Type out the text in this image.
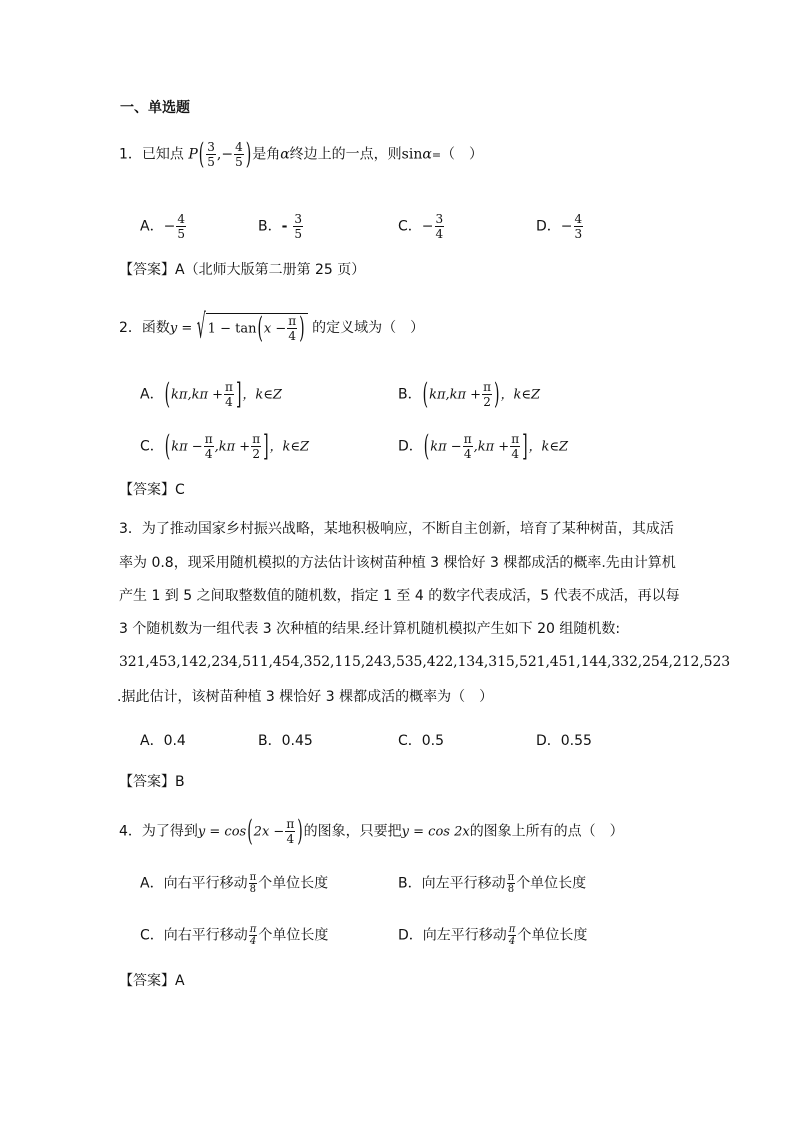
一、单选题
1．已知点 $P( \frac{3}{5}$ ,− $\frac{4}{5}$ )是角α终边上的一点，则sinα=（　）
A．− $\frac{4}{5}$	B．- $\frac{3}{5}$	C．− $\frac{3}{4}$	D．− $\frac{4}{3}$
【答案】A（北师大版第二册第 25 页）
2．函数y = √ $1 - \tan(x - \frac{\pi}{4}$ ) 的定义域为（　）
A．($k\pi,k\pi + \frac{\pi}{4}$ ]，k∈Z	B．($k\pi,k\pi + \frac{\pi}{2}$ )，k∈Z
C．($k\pi - \frac{\pi}{4} ,k\pi + \frac{\pi}{2}$ ]，k∈Z	D．($k\pi - \frac{\pi}{4} ,k\pi + \frac{\pi}{4}$ ]，k∈Z
【答案】C
3．为了推动国家乡村振兴战略，某地积极响应，不断自主创新，培育了某种树苗，其成活
率为 0.8，现采用随机模拟的方法估计该树苗种植 3 棵恰好 3 棵都成活的概率.先由计算机
产生 1 到 5 之间取整数值的随机数，指定 1 至 4 的数字代表成活，5 代表不成活，再以每
3 个随机数为一组代表 3 次种植的结果.经计算机随机模拟产生如下 20 组随机数:
321,453,142,234,511,454,352,115,243,535,422,134,315,521,451,144,332,254,212,523
.据此估计，该树苗种植 3 棵恰好 3 棵都成活的概率为（　）
A．0.4	B．0.45	C．0.5	D．0.55
【答案】B
4．为了得到$y = \cos(2x - \frac{\pi}{4}$ )的图象，只要把y = cos 2x的图象上所有的点（　）
A．向右平行移动 $\frac{\pi}{8}$ 个单位长度	B．向左平行移动 $\frac{\pi}{8}$ 个单位长度
C．向右平行移动 $\frac{\pi}{4}$ 个单位长度	D．向左平行移动 $\frac{\pi}{4}$ 个单位长度
【答案】A
